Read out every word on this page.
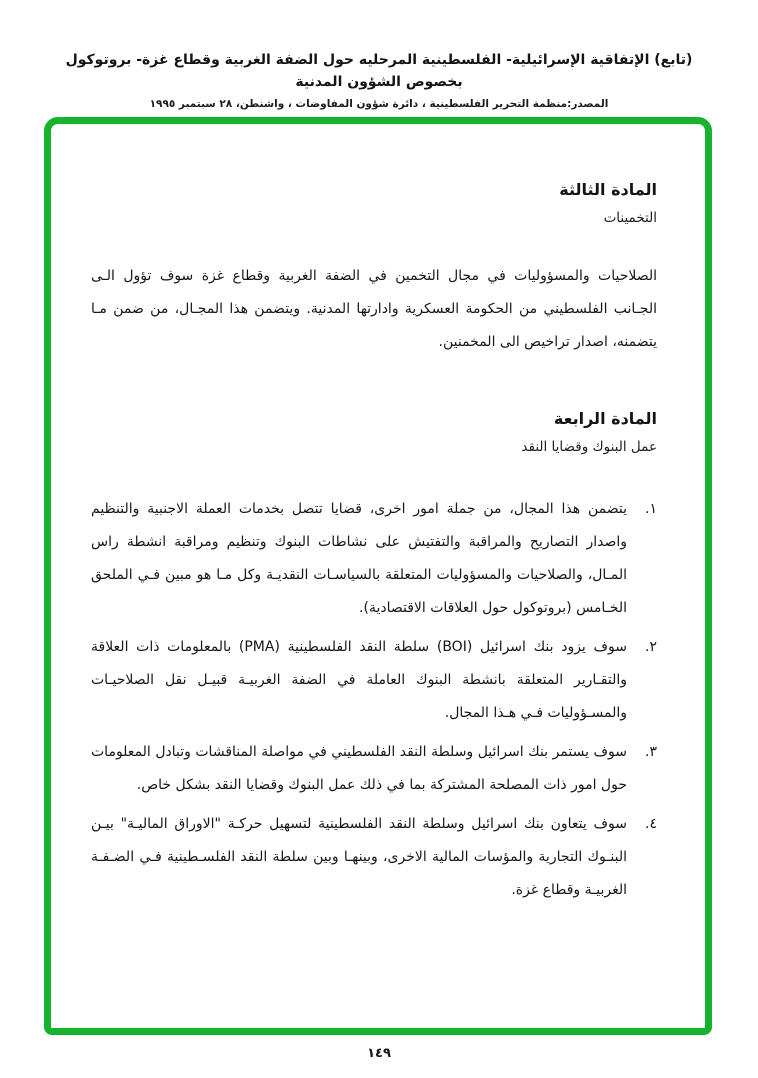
(تابع) الإتفاقية الإسرائيلية- الفلسطينية المرحليه حول الضفة الغربية وقطاع غزة- بروتوكول بخصوص الشؤون المدنية
المصدر:منظمة التحرير الفلسطينية ، دائرة شؤون المفاوضات ، واشنطن، ٢٨ سبتمبر ١٩٩٥
المادة الثالثة
التخمينات
الصلاحيات والمسؤوليات في مجال التخمين في الضفة الغربية وقطاع غزة سوف تؤول الـى الجـانب الفلسطيني من الحكومة العسكرية وادارتها المدنية. ويتضمن هذا المجـال، من ضمن مـا يتضمنه، اصدار تراخيص الى المخمنين.
المادة الرابعة
عمل البنوك وقضايا النقد
١.
يتضمن هذا المجال، من جملة امور اخرى، قضايا تتصل بخدمات العملة الاجنبية والتنظيم واصدار التصاريح والمراقبة والتفتيش على نشاطات البنوك وتنظيم ومراقبة انشطة راس المـال، والصلاحيات والمسؤوليات المتعلقة بالسياسـات النقديـة وكل مـا هو مبين فـي الملحق الخـامس (بروتوكول حول العلاقات الاقتصادية).
٢.
سوف يزود بنك اسرائيل (BOI) سلطة النقد الفلسطينية (PMA) بالمعلومات ذات العلاقة والتقـارير المتعلقة بانشطة البنوك العاملة في الضفة الغربيـة قبيـل نقل الصلاحيـات والمسـؤوليات فـي هـذا المجال.
٣.
سوف يستمر بنك اسرائيل وسلطة النقد الفلسطيني في مواصلة المناقشات وتبادل المعلومات حول امور ذات المصلحة المشتركة بما في ذلك عمل البنوك وقضايا النقد بشكل خاص.
٤.
سوف يتعاون بنك اسرائيل وسلطة النقد الفلسطينية لتسهيل حركـة "الاوراق الماليـة" بيـن البنـوك التجارية والمؤسات المالية الاخرى، وبينهـا وبين سلطة النقد الفلسـطينية فـي الضـفـة الغربيـة وقطاع غزة.
١٤٩
